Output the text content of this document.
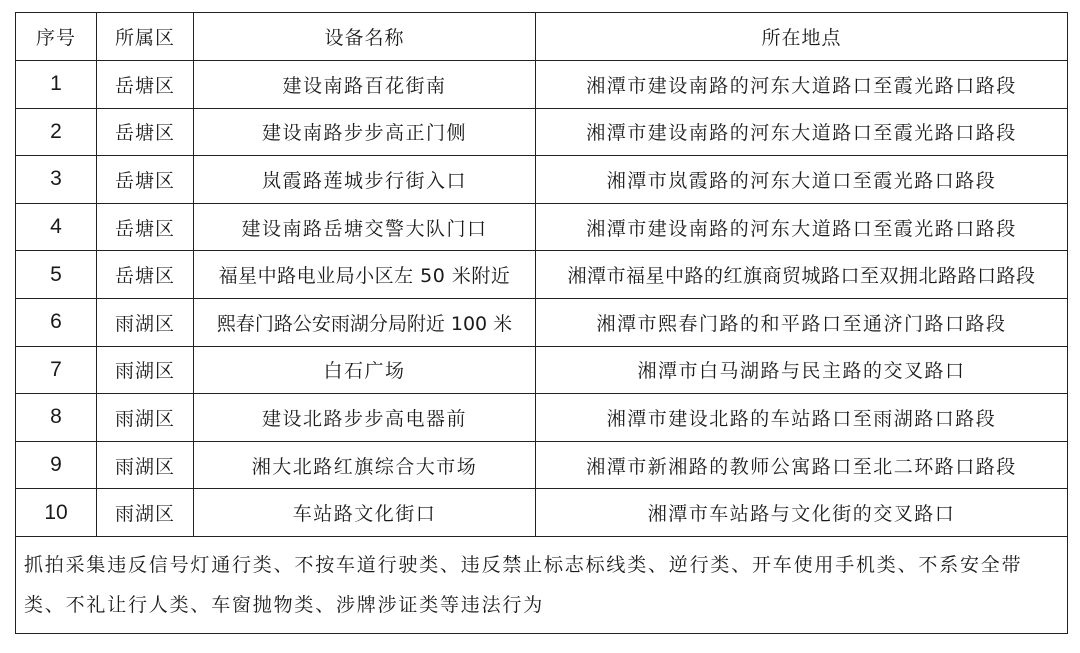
序号	所属区	设备名称	所在地点
1	岳塘区	建设南路百花街南	湘潭市建设南路的河东大道路口至霞光路口路段
2	岳塘区	建设南路步步高正门侧	湘潭市建设南路的河东大道路口至霞光路口路段
3	岳塘区	岚霞路莲城步行街入口	湘潭市岚霞路的河东大道口至霞光路口路段
4	岳塘区	建设南路岳塘交警大队门口	湘潭市建设南路的河东大道路口至霞光路口路段
5	岳塘区	福星中路电业局小区左 50 米附近	湘潭市福星中路的红旗商贸城路口至双拥北路路口路段
6	雨湖区	熙春门路公安雨湖分局附近 100 米	湘潭市熙春门路的和平路口至通济门路口路段
7	雨湖区	白石广场	湘潭市白马湖路与民主路的交叉路口
8	雨湖区	建设北路步步高电器前	湘潭市建设北路的车站路口至雨湖路口路段
9	雨湖区	湘大北路红旗综合大市场	湘潭市新湘路的教师公寓路口至北二环路口路段
10	雨湖区	车站路文化街口	湘潭市车站路与文化街的交叉路口
抓拍采集违反信号灯通行类、不按车道行驶类、违反禁止标志标线类、逆行类、开车使用手机类、不系安全带类、不礼让行人类、车窗抛物类、涉牌涉证类等违法行为			
